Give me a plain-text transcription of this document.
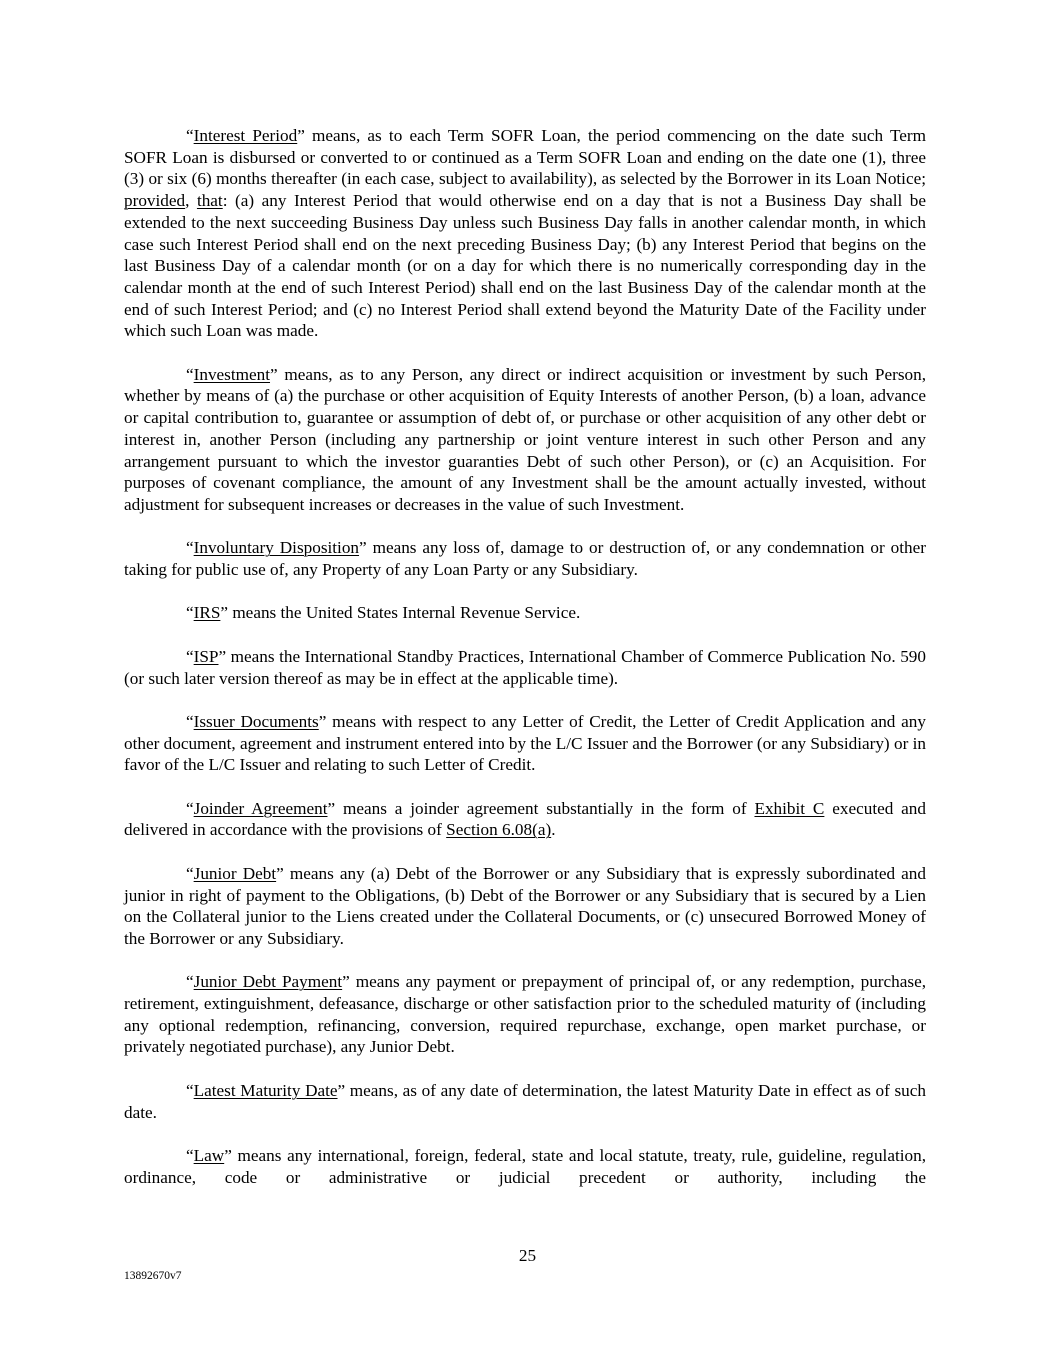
“Interest Period” means, as to each Term SOFR Loan, the period commencing on the date such Term SOFR Loan is disbursed or converted to or continued as a Term SOFR Loan and ending on the date one (1), three (3) or six (6) months thereafter (in each case, subject to availability), as selected by the Borrower in its Loan Notice; provided, that: (a) any Interest Period that would otherwise end on a day that is not a Business Day shall be extended to the next succeeding Business Day unless such Business Day falls in another calendar month, in which case such Interest Period shall end on the next preceding Business Day; (b) any Interest Period that begins on the last Business Day of a calendar month (or on a day for which there is no numerically corresponding day in the calendar month at the end of such Interest Period) shall end on the last Business Day of the calendar month at the end of such Interest Period; and (c) no Interest Period shall extend beyond the Maturity Date of the Facility under which such Loan was made.

“Investment” means, as to any Person, any direct or indirect acquisition or investment by such Person, whether by means of (a) the purchase or other acquisition of Equity Interests of another Person, (b) a loan, advance or capital contribution to, guarantee or assumption of debt of, or purchase or other acquisition of any other debt or interest in, another Person (including any partnership or joint venture interest in such other Person and any arrangement pursuant to which the investor guaranties Debt of such other Person), or (c) an Acquisition. For purposes of covenant compliance, the amount of any Investment shall be the amount actually invested, without adjustment for subsequent increases or decreases in the value of such Investment.

“Involuntary Disposition” means any loss of, damage to or destruction of, or any condemnation or other taking for public use of, any Property of any Loan Party or any Subsidiary.

“IRS” means the United States Internal Revenue Service.

“ISP” means the International Standby Practices, International Chamber of Commerce Publication No. 590 (or such later version thereof as may be in effect at the applicable time).

“Issuer Documents” means with respect to any Letter of Credit, the Letter of Credit Application and any other document, agreement and instrument entered into by the L/C Issuer and the Borrower (or any Subsidiary) or in favor of the L/C Issuer and relating to such Letter of Credit.

“Joinder Agreement” means a joinder agreement substantially in the form of Exhibit C executed and delivered in accordance with the provisions of Section 6.08(a).

“Junior Debt” means any (a) Debt of the Borrower or any Subsidiary that is expressly subordinated and junior in right of payment to the Obligations, (b) Debt of the Borrower or any Subsidiary that is secured by a Lien on the Collateral junior to the Liens created under the Collateral Documents, or (c) unsecured Borrowed Money of the Borrower or any Subsidiary.

“Junior Debt Payment” means any payment or prepayment of principal of, or any redemption, purchase, retirement, extinguishment, defeasance, discharge or other satisfaction prior to the scheduled maturity of (including any optional redemption, refinancing, conversion, required repurchase, exchange, open market purchase, or privately negotiated purchase), any Junior Debt.

“Latest Maturity Date” means, as of any date of determination, the latest Maturity Date in effect as of such date.

“Law” means any international, foreign, federal, state and local statute, treaty, rule, guideline, regulation, ordinance, code or administrative or judicial precedent or authority, including the

25
13892670v7
